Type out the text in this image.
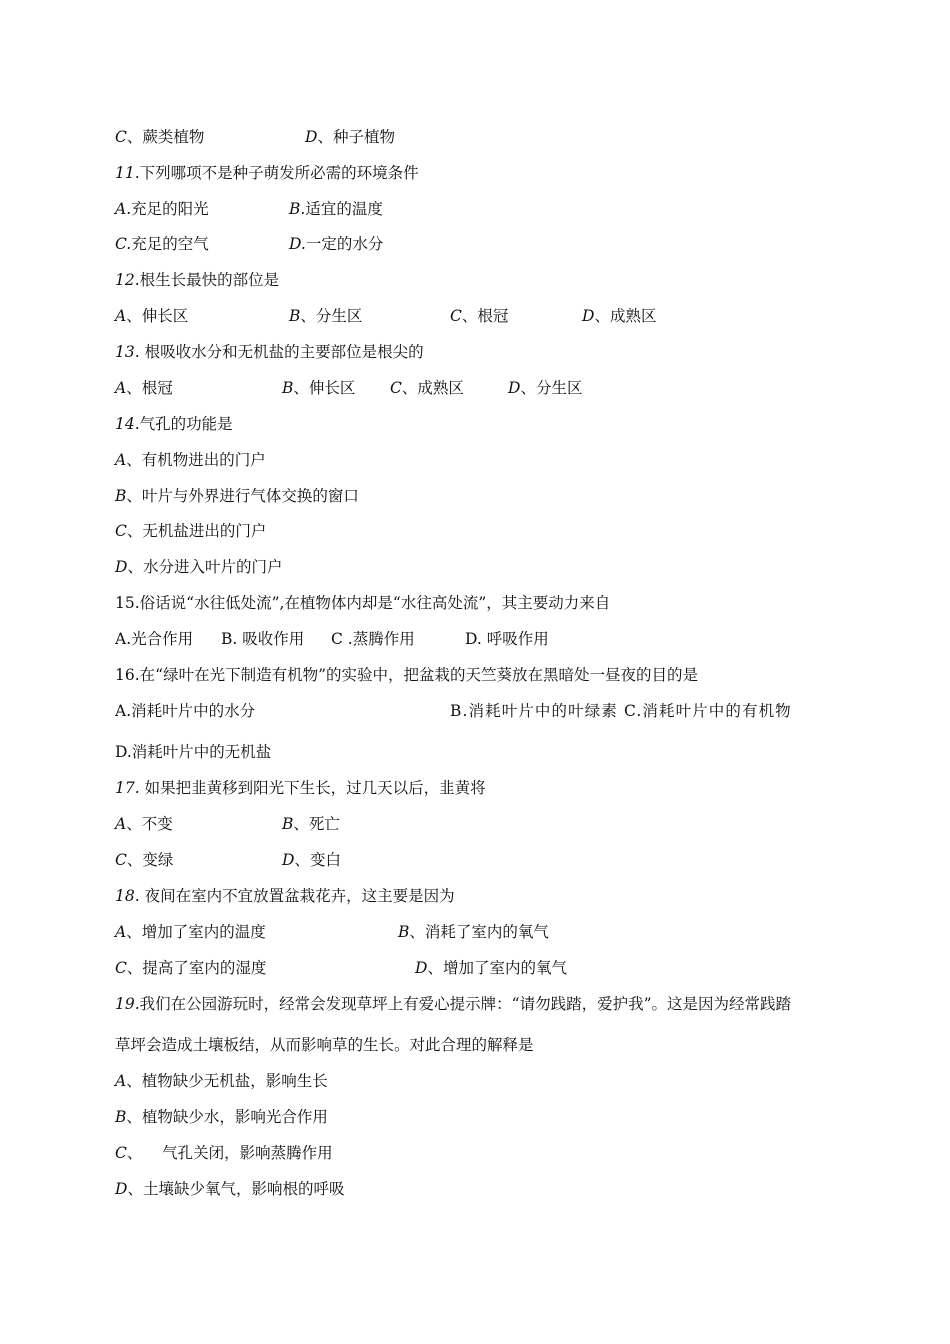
C、蕨类植物	D、种子植物
11.下列哪项不是种子萌发所必需的环境条件
A.充足的阳光	B.适宜的温度
C.充足的空气	D.一定的水分
12.根生长最快的部位是
A、伸长区	B、分生区	C、根冠	D、成熟区
13. 根吸收水分和无机盐的主要部位是根尖的
A、根冠	B、伸长区 C、成熟区	D、分生区
14.气孔的功能是
A、有机物进出的门户
B、叶片与外界进行气体交换的窗口
C、无机盐进出的门户
D、水分进入叶片的门户
15.俗话说“水往低处流”,在植物体内却是“水往高处流”，其主要动力来自
A.光合作用 B. 吸收作用 C .蒸腾作用	D. 呼吸作用
16.在“绿叶在光下制造有机物”的实验中，把盆栽的天竺葵放在黑暗处一昼夜的目的是
A.消耗叶片中的水分	B.消耗叶片中的叶绿素 C.消耗叶片中的有机物
D.消耗叶片中的无机盐
17. 如果把韭黄移到阳光下生长，过几天以后，韭黄将
A、不变	B、死亡
C、变绿	D、变白
18. 夜间在室内不宜放置盆栽花卉，这主要是因为
A、增加了室内的温度	B、消耗了室内的氧气
C、提高了室内的湿度	D、增加了室内的氧气
19.我们在公园游玩时，经常会发现草坪上有爱心提示牌：“请勿践踏，爱护我”。这是因为经常践踏
草坪会造成土壤板结，从而影响草的生长。对此合理的解释是
A、植物缺少无机盐，影响生长
B、植物缺少水，影响光合作用
C、    气孔关闭，影响蒸腾作用
D、土壤缺少氧气，影响根的呼吸
